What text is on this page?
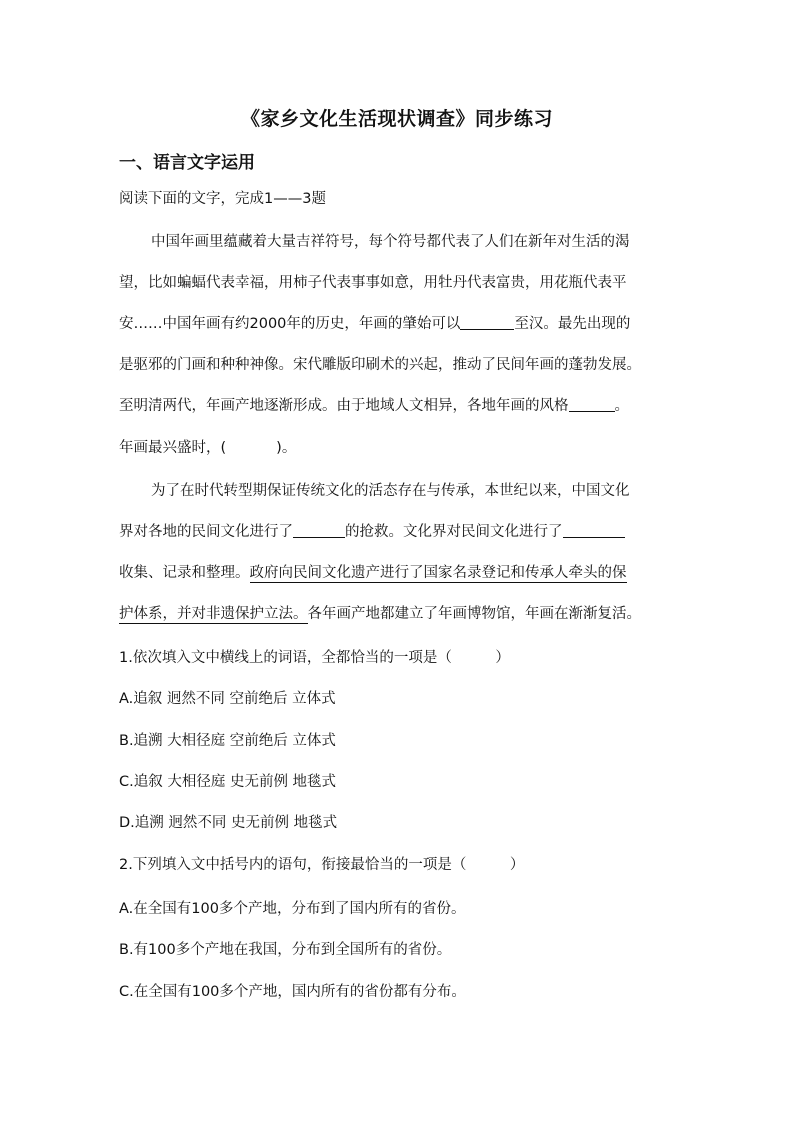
《家乡文化生活现状调查》同步练习
一、语言文字运用
阅读下面的文字，完成1——3题
中国年画里蕴藏着大量吉祥符号，每个符号都代表了人们在新年对生活的渴
望，比如蝙蝠代表幸福，用柿子代表事事如意，用牡丹代表富贵，用花瓶代表平
安……中国年画有约2000年的历史，年画的肇始可以	至汉。最先出现的
是驱邪的门画和种种神像。宋代雕版印刷术的兴起，推动了民间年画的蓬勃发展。
至明清两代，年画产地逐渐形成。由于地域人文相异，各地年画的风格	。
年画最兴盛时，(	)。
为了在时代转型期保证传统文化的活态存在与传承，本世纪以来，中国文化
界对各地的民间文化进行了	的抢救。文化界对民间文化进行了
收集、记录和整理。政府向民间文化遗产进行了国家名录登记和传承人牵头的保
护体系，并对非遗保护立法。各年画产地都建立了年画博物馆，年画在渐渐复活。
1.依次填入文中横线上的词语，全都恰当的一项是（　　　）
A.追叙 迥然不同 空前绝后 立体式
B.追溯 大相径庭 空前绝后 立体式
C.追叙 大相径庭 史无前例 地毯式
D.追溯 迥然不同 史无前例 地毯式
2.下列填入文中括号内的语句，衔接最恰当的一项是（　　　）
A.在全国有100多个产地，分布到了国内所有的省份。
B.有100多个产地在我国，分布到全国所有的省份。
C.在全国有100多个产地，国内所有的省份都有分布。
